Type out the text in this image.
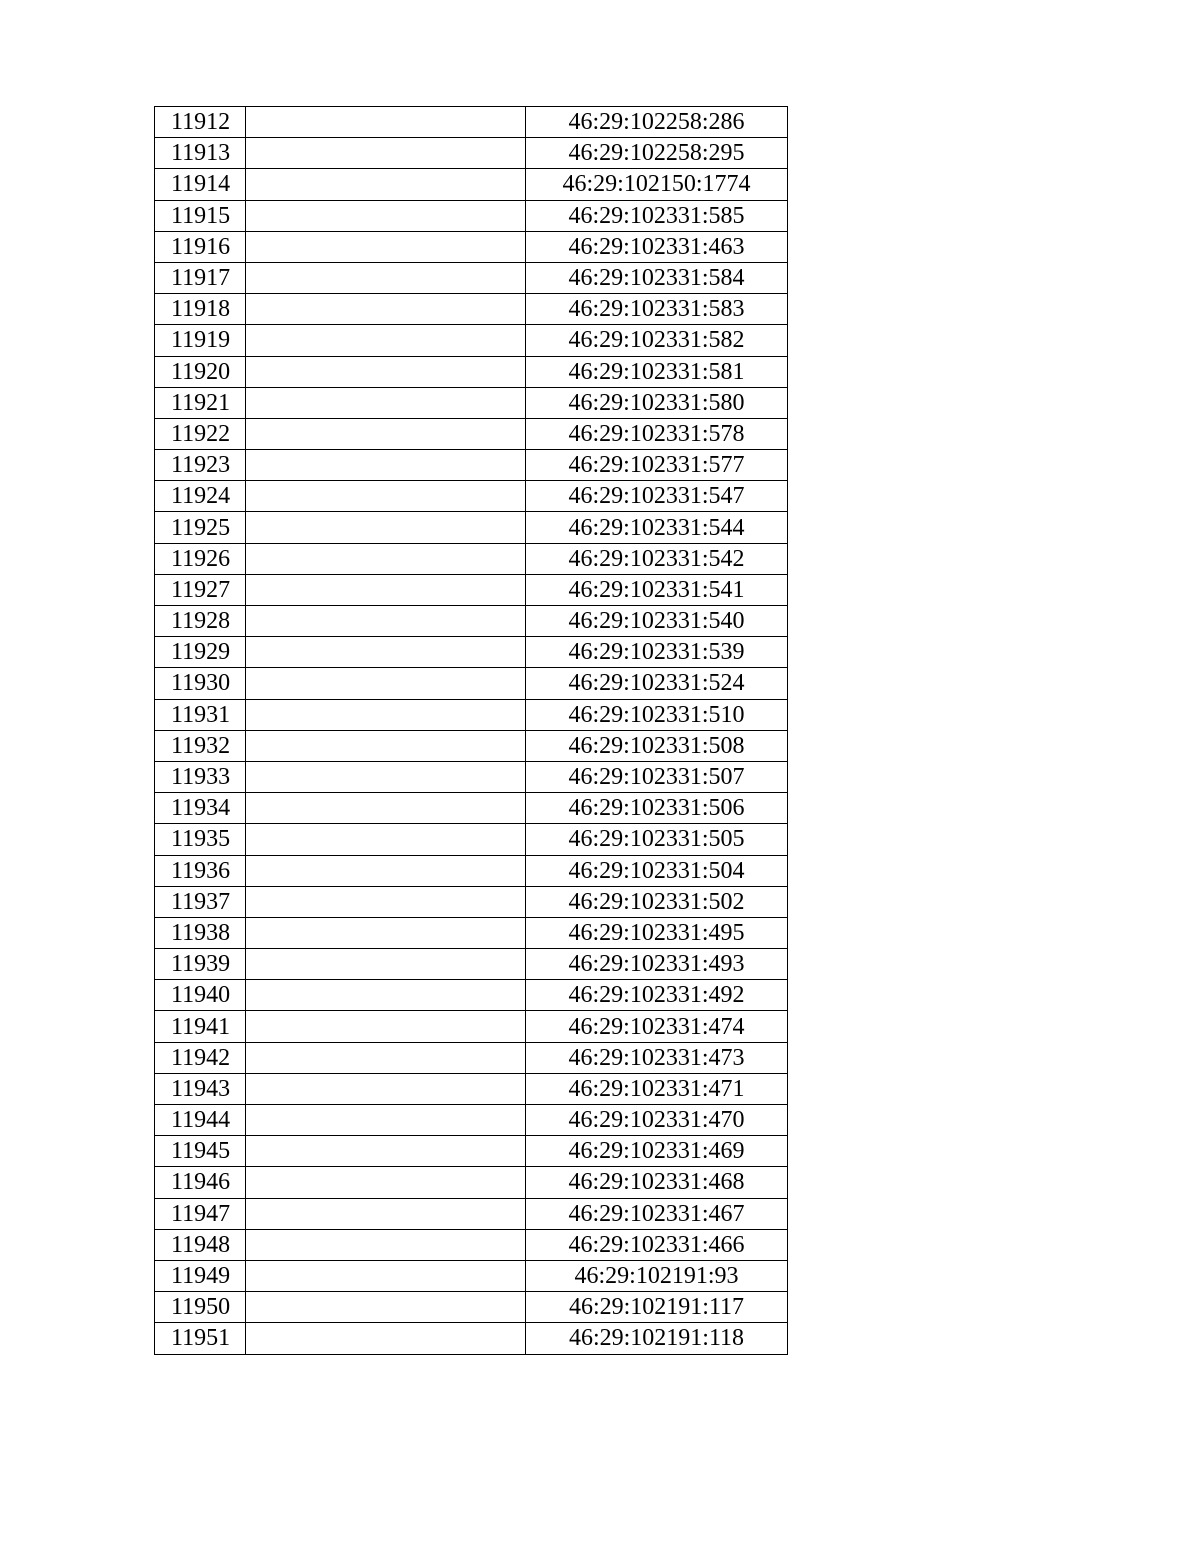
11912		46:29:102258:286
11913		46:29:102258:295
11914		46:29:102150:1774
11915		46:29:102331:585
11916		46:29:102331:463
11917		46:29:102331:584
11918		46:29:102331:583
11919		46:29:102331:582
11920		46:29:102331:581
11921		46:29:102331:580
11922		46:29:102331:578
11923		46:29:102331:577
11924		46:29:102331:547
11925		46:29:102331:544
11926		46:29:102331:542
11927		46:29:102331:541
11928		46:29:102331:540
11929		46:29:102331:539
11930		46:29:102331:524
11931		46:29:102331:510
11932		46:29:102331:508
11933		46:29:102331:507
11934		46:29:102331:506
11935		46:29:102331:505
11936		46:29:102331:504
11937		46:29:102331:502
11938		46:29:102331:495
11939		46:29:102331:493
11940		46:29:102331:492
11941		46:29:102331:474
11942		46:29:102331:473
11943		46:29:102331:471
11944		46:29:102331:470
11945		46:29:102331:469
11946		46:29:102331:468
11947		46:29:102331:467
11948		46:29:102331:466
11949		46:29:102191:93
11950		46:29:102191:117
11951		46:29:102191:118
